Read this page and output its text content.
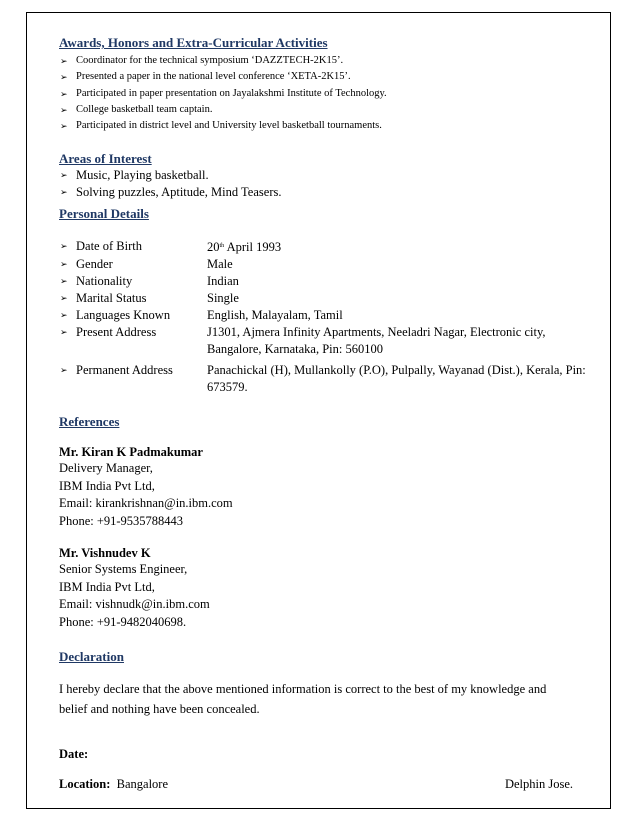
Awards, Honors and Extra-Curricular Activities
➢ Coordinator for the technical symposium ‘DAZZTECH-2K15’.
➢ Presented a paper in the national level conference ‘XETA-2K15’.
➢ Participated in paper presentation on Jayalakshmi Institute of Technology.
➢ College basketball team captain.
➢ Participated in district level and University level basketball tournaments.
Areas of Interest
➢ Music, Playing basketball.
➢ Solving puzzles, Aptitude, Mind Teasers.
Personal Details
➢ Date of Birth	20th April 1993
➢ Gender	Male
➢ Nationality	Indian
➢ Marital Status	Single
➢ Languages Known	English, Malayalam, Tamil
➢ Present Address	J1301, Ajmera Infinity Apartments, Neeladri Nagar, Electronic city, Bangalore, Karnataka, Pin: 560100
➢ Permanent Address	Panachickal (H), Mullankolly (P.O), Pulpally, Wayanad (Dist.), Kerala, Pin: 673579.
References
Mr. Kiran K Padmakumar
Delivery Manager,
IBM India Pvt Ltd,
Email: kirankrishnan@in.ibm.com
Phone: +91-9535788443
Mr. Vishnudev K
Senior Systems Engineer,
IBM India Pvt Ltd,
Email: vishnudk@in.ibm.com
Phone: +91-9482040698.
Declaration
I hereby declare that the above mentioned information is correct to the best of my knowledge and belief and nothing have been concealed.
Date:
Location: Bangalore	Delphin Jose.
